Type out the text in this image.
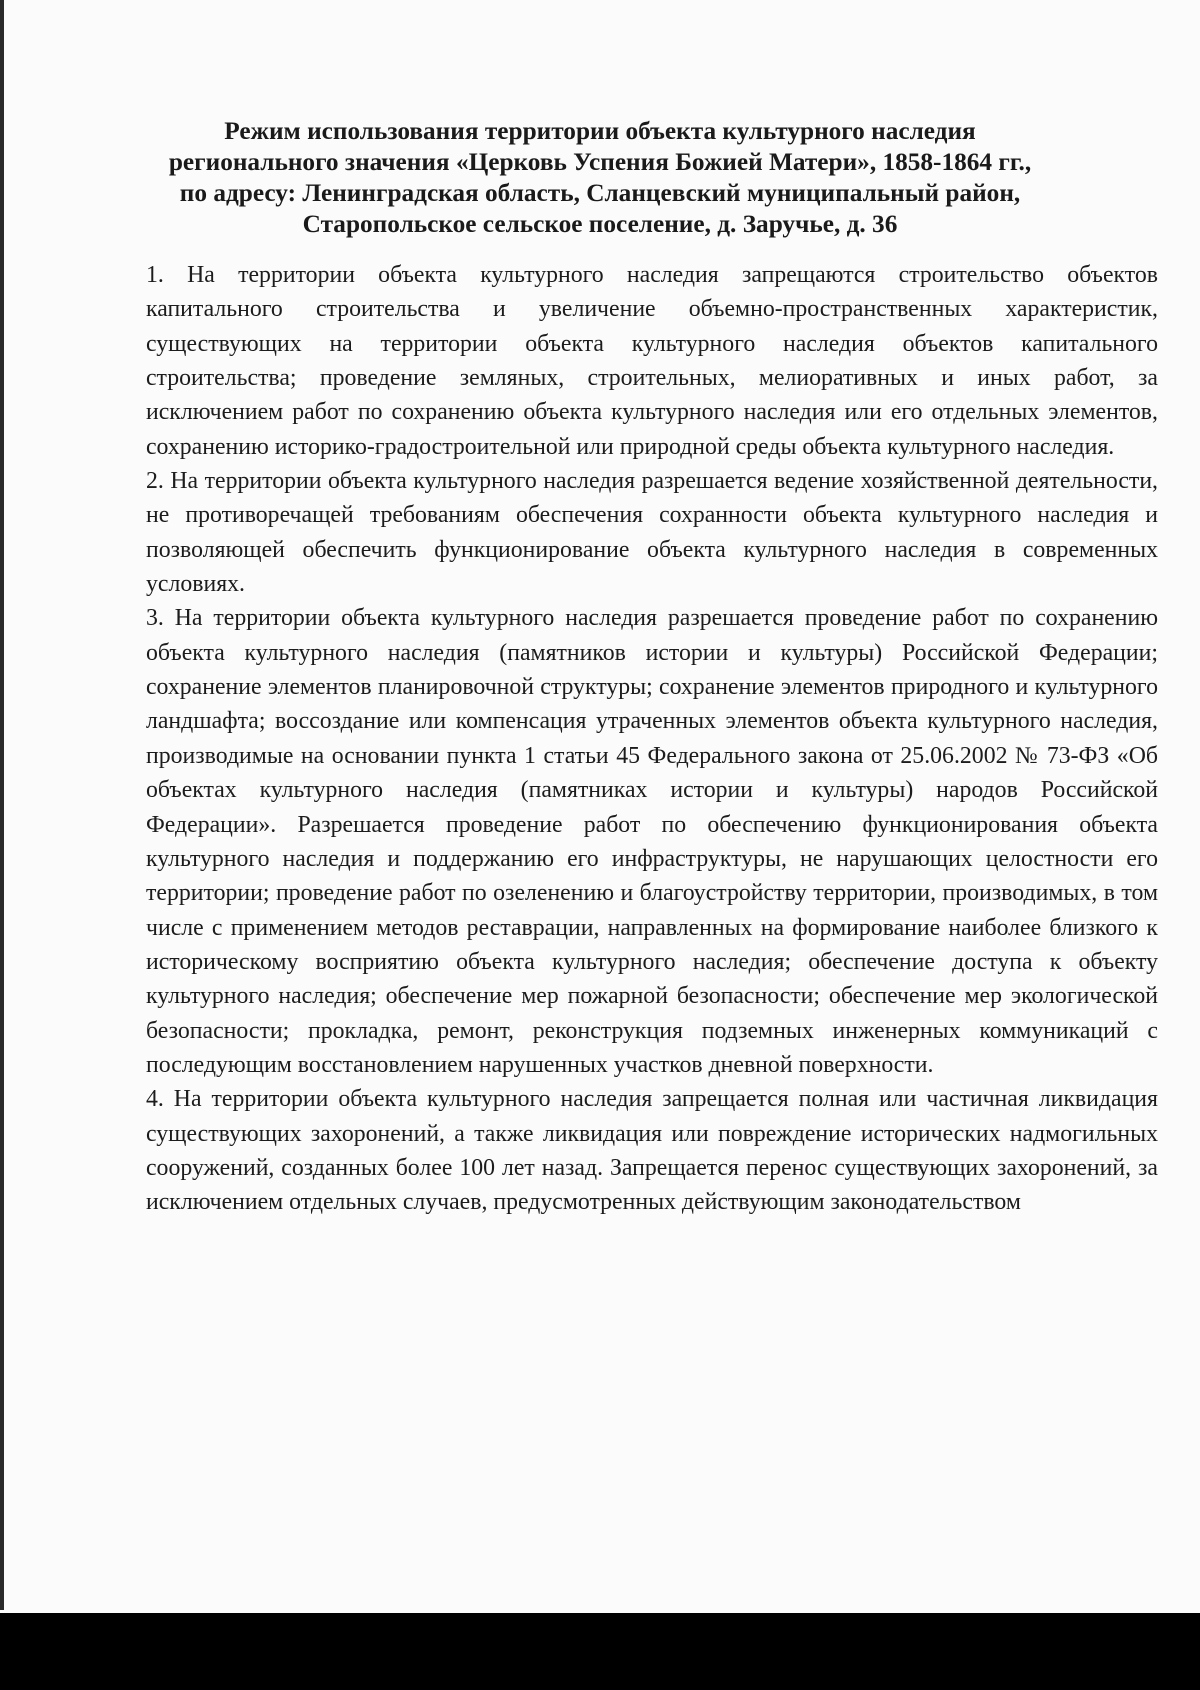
Режим использования территории объекта культурного наследия
регионального значения «Церковь Успения Божией Матери», 1858-1864 гг.,
по адресу: Ленинградская область, Сланцевский муниципальный район,
Старопольское сельское поселение, д. Заручье, д. 36

1. На территории объекта культурного наследия запрещаются строительство объектов капитального строительства и увеличение объемно-пространственных характеристик, существующих на территории объекта культурного наследия объектов капитального строительства; проведение земляных, строительных, мелиоративных и иных работ, за исключением работ по сохранению объекта культурного наследия или его отдельных элементов, сохранению историко-градостроительной или природной среды объекта культурного наследия.

2. На территории объекта культурного наследия разрешается ведение хозяйственной деятельности, не противоречащей требованиям обеспечения сохранности объекта культурного наследия и позволяющей обеспечить функционирование объекта культурного наследия в современных условиях.

3. На территории объекта культурного наследия разрешается проведение работ по сохранению объекта культурного наследия (памятников истории и культуры) Российской Федерации; сохранение элементов планировочной структуры; сохранение элементов природного и культурного ландшафта; воссоздание или компенсация утраченных элементов объекта культурного наследия, производимые на основании пункта 1 статьи 45 Федерального закона от 25.06.2002 № 73-ФЗ «Об объектах культурного наследия (памятниках истории и культуры) народов Российской Федерации». Разрешается проведение работ по обеспечению функционирования объекта культурного наследия и поддержанию его инфраструктуры, не нарушающих целостности его территории; проведение работ по озеленению и благоустройству территории, производимых, в том числе с применением методов реставрации, направленных на формирование наиболее близкого к историческому восприятию объекта культурного наследия; обеспечение доступа к объекту культурного наследия; обеспечение мер пожарной безопасности; обеспечение мер экологической безопасности; прокладка, ремонт, реконструкция подземных инженерных коммуникаций с последующим восстановлением нарушенных участков дневной поверхности.

4. На территории объекта культурного наследия запрещается полная или частичная ликвидация существующих захоронений, а также ликвидация или повреждение исторических надмогильных сооружений, созданных более 100 лет назад. Запрещается перенос существующих захоронений, за исключением отдельных случаев, предусмотренных действующим законодательством
